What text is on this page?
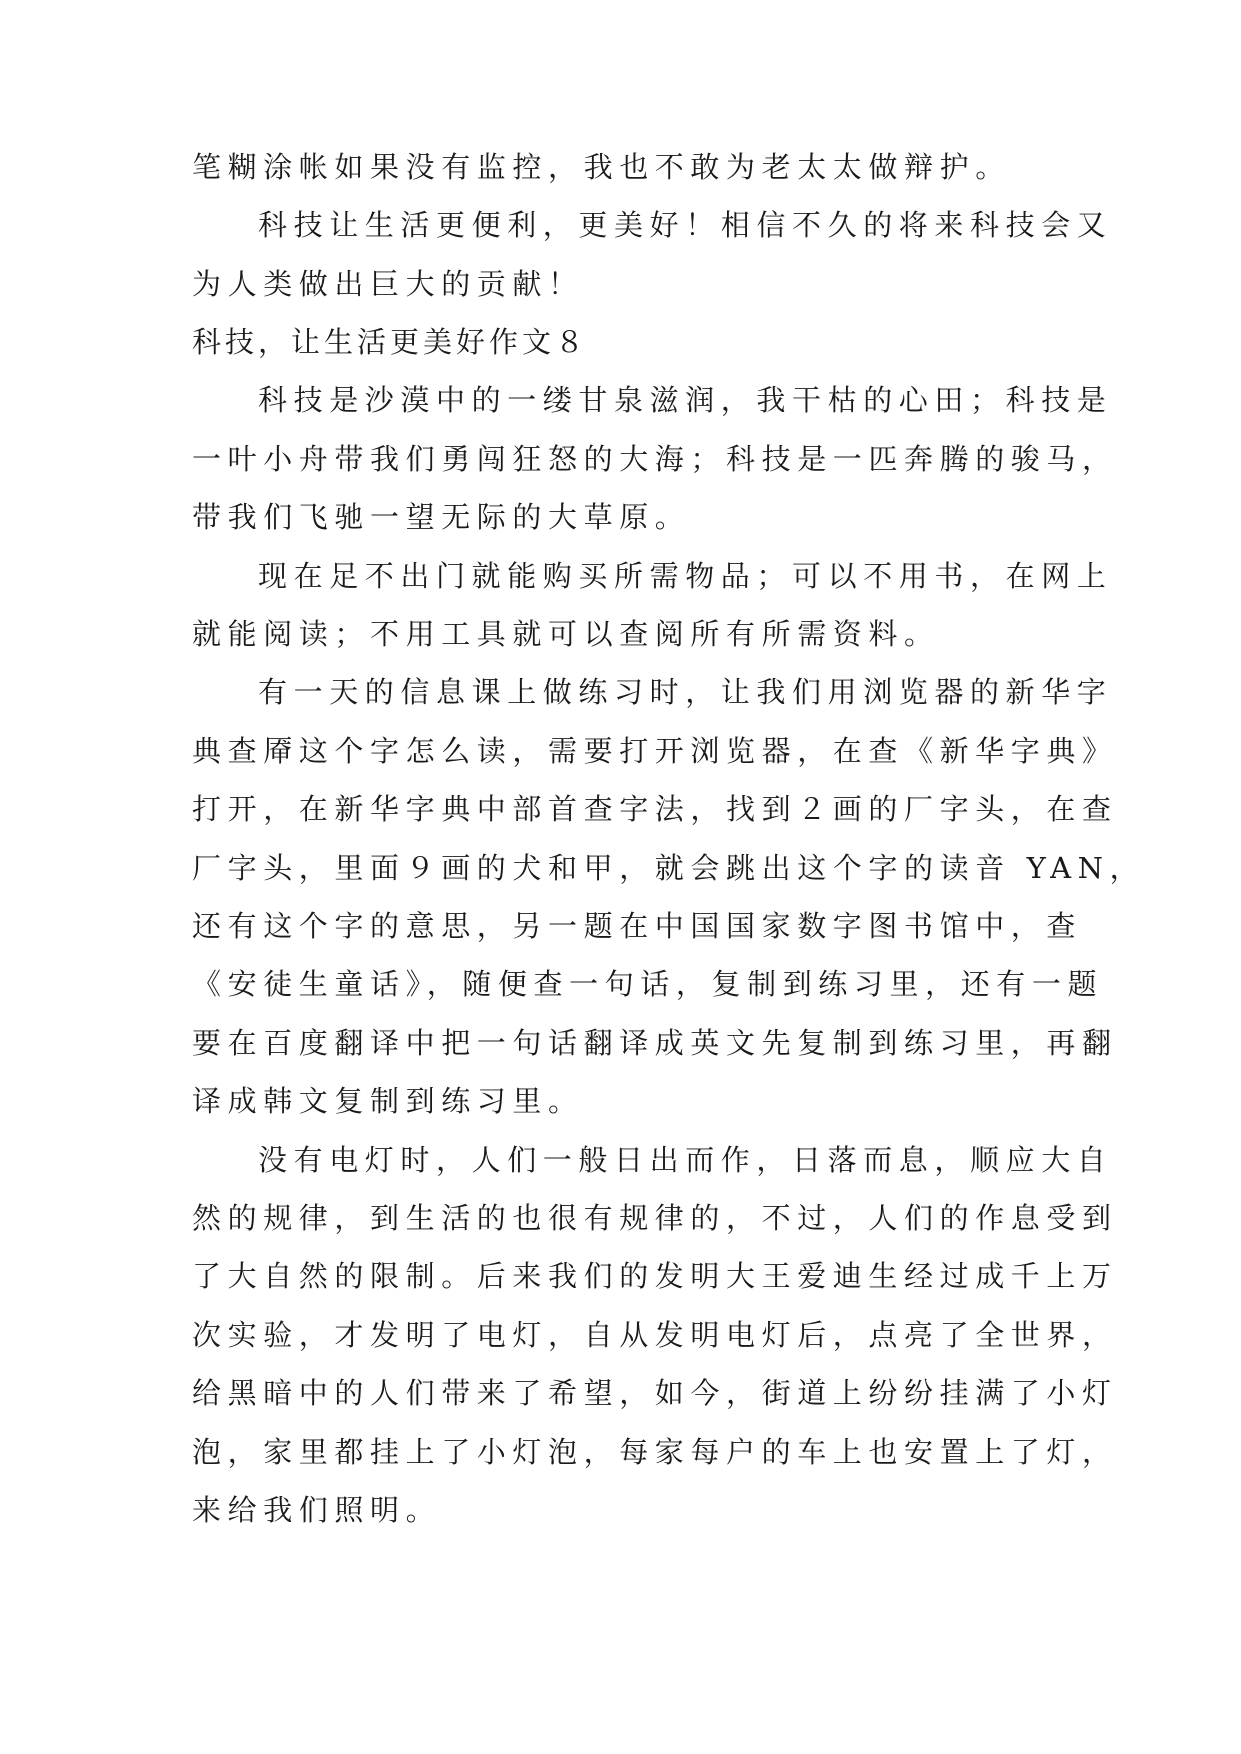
笔糊涂帐如果没有监控，我也不敢为老太太做辩护。
科技让生活更便利，更美好！相信不久的将来科技会又
为人类做出巨大的贡献！
科技，让生活更美好作文８
科技是沙漠中的一缕甘泉滋润，我干枯的心田；科技是
一叶小舟带我们勇闯狂怒的大海；科技是一匹奔腾的骏马，
带我们飞驰一望无际的大草原。
现在足不出门就能购买所需物品；可以不用书，在网上
就能阅读；不用工具就可以查阅所有所需资料。
有一天的信息课上做练习时，让我们用浏览器的新华字
典查厣这个字怎么读，需要打开浏览器，在查《新华字典》
打开，在新华字典中部首查字法，找到２画的厂字头，在查
厂字头，里面９画的犬和甲，就会跳出这个字的读音 YAN，
还有这个字的意思，另一题在中国国家数字图书馆中，查
《安徒生童话》，随便查一句话，复制到练习里，还有一题
要在百度翻译中把一句话翻译成英文先复制到练习里，再翻
译成韩文复制到练习里。
没有电灯时，人们一般日出而作，日落而息，顺应大自
然的规律，到生活的也很有规律的，不过，人们的作息受到
了大自然的限制。后来我们的发明大王爱迪生经过成千上万
次实验，才发明了电灯，自从发明电灯后，点亮了全世界，
给黑暗中的人们带来了希望，如今，街道上纷纷挂满了小灯
泡，家里都挂上了小灯泡，每家每户的车上也安置上了灯，
来给我们照明。
